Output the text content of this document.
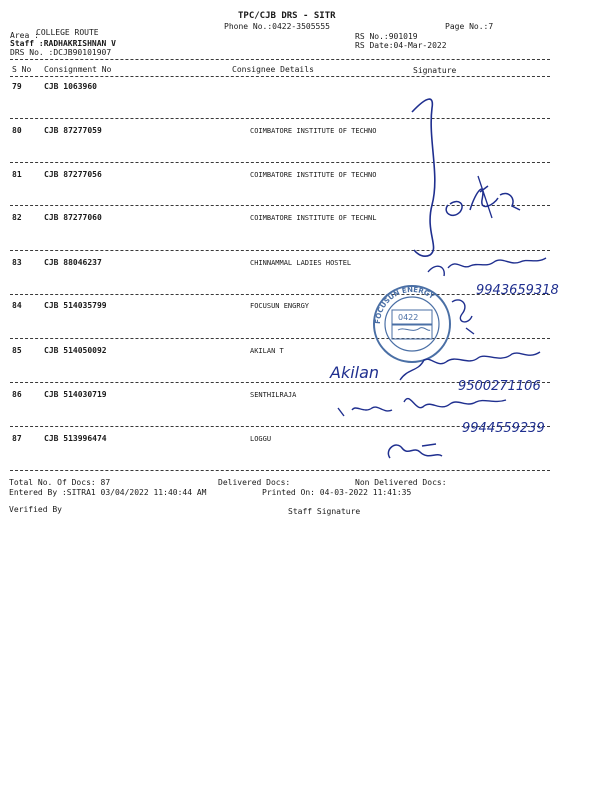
TPC/CJB DRS - SITR
Phone No.:0422-3505555	Page No.:7
Area :
COLLEGE ROUTE
Staff :RADHAKRISHNAN V
DRS No. :DCJB90101907
RS No.:901019
RS Date:04-Mar-2022
S No Consignment No	Consignee Details	Signature
79	CJB 1063960
80	CJB 87277059	COIMBATORE INSTITUTE OF TECHNO
81	CJB 87277056	COIMBATORE INSTITUTE OF TECHNO
82	CJB 87277060	COIMBATORE INSTITUTE OF TECHNL
83	CJB 88046237	CHINNAMMAL LADIES HOSTEL
84	CJB 514035799	FOCUSUN ENGRGY
85	CJB 514050092	AKILAN T
86	CJB 514030719	SENTHILRAJA
87	CJB 513996474	LOGGU
Total No. Of Docs: 87	Delivered Docs:	Non Delivered Docs:
Entered By :SITRA1 03/04/2022 11:40:44 AM	Printed On: 04-03-2022 11:41:35
Verified By	Staff Signature
FOCUSUN ENERGY
0422
9943659318
Akilan
9500271106
9944559239
